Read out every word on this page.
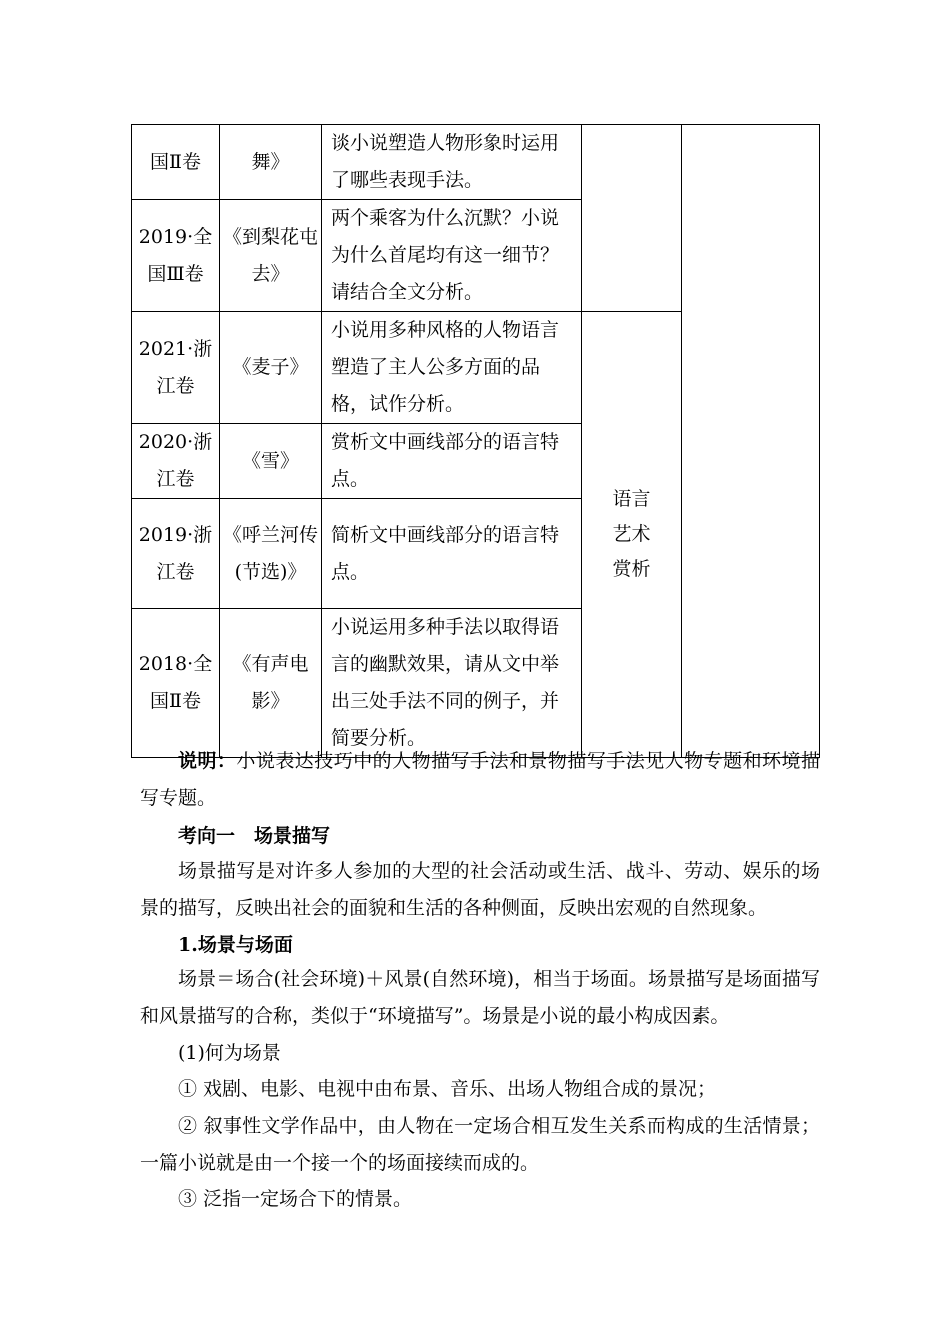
国Ⅱ卷	舞》	谈小说塑造人物形象时运用了哪些表现手法。		
2019·全国Ⅲ卷	《到梨花屯去》	两个乘客为什么沉默？小说为什么首尾均有这一细节？请结合全文分析。		
2021·浙江卷	《麦子》	小说用多种风格的人物语言塑造了主人公多方面的品格，试作分析。	语言艺术赏析	
2020·浙江卷	《雪》	赏析文中画线部分的语言特点。		
2019·浙江卷	《呼兰河传(节选)》	简析文中画线部分的语言特点。		
2018·全国Ⅱ卷	《有声电影》	小说运用多种手法以取得语言的幽默效果，请从文中举出三处手法不同的例子，并简要分析。		

说明：小说表达技巧中的人物描写手法和景物描写手法见人物专题和环境描写专题。

考向一　场景描写

场景描写是对许多人参加的大型的社会活动或生活、战斗、劳动、娱乐的场景的描写，反映出社会的面貌和生活的各种侧面，反映出宏观的自然现象。

1.场景与场面

场景＝场合(社会环境)＋风景(自然环境)，相当于场面。场景描写是场面描写和风景描写的合称，类似于“环境描写”。场景是小说的最小构成因素。

(1)何为场景

① 戏剧、电影、电视中由布景、音乐、出场人物组合成的景况；

② 叙事性文学作品中，由人物在一定场合相互发生关系而构成的生活情景；一篇小说就是由一个接一个的场面接续而成的。

③ 泛指一定场合下的情景。
